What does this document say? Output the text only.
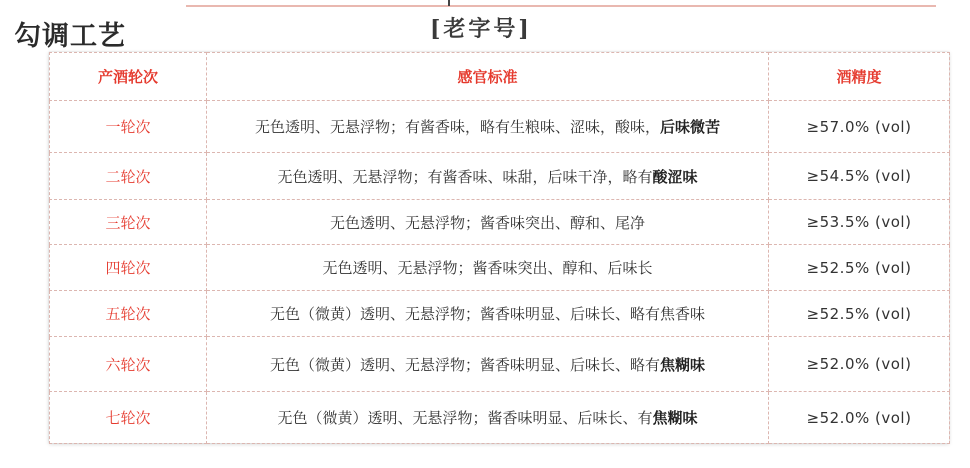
勾调工艺	[老字号]
产酒轮次	感官标准	酒精度
一轮次	无色透明、无悬浮物；有酱香味，略有生粮味、涩味，酸味，后味微苦	≥57.0% (vol)
二轮次	无色透明、无悬浮物；有酱香味、味甜，后味干净，略有酸涩味	≥54.5% (vol)
三轮次	无色透明、无悬浮物；酱香味突出、醇和、尾净	≥53.5% (vol)
四轮次	无色透明、无悬浮物；酱香味突出、醇和、后味长	≥52.5% (vol)
五轮次	无色（微黄）透明、无悬浮物；酱香味明显、后味长、略有焦香味	≥52.5% (vol)
六轮次	无色（微黄）透明、无悬浮物；酱香味明显、后味长、略有焦糊味	≥52.0% (vol)
七轮次	无色（微黄）透明、无悬浮物；酱香味明显、后味长、有焦糊味	≥52.0% (vol)
